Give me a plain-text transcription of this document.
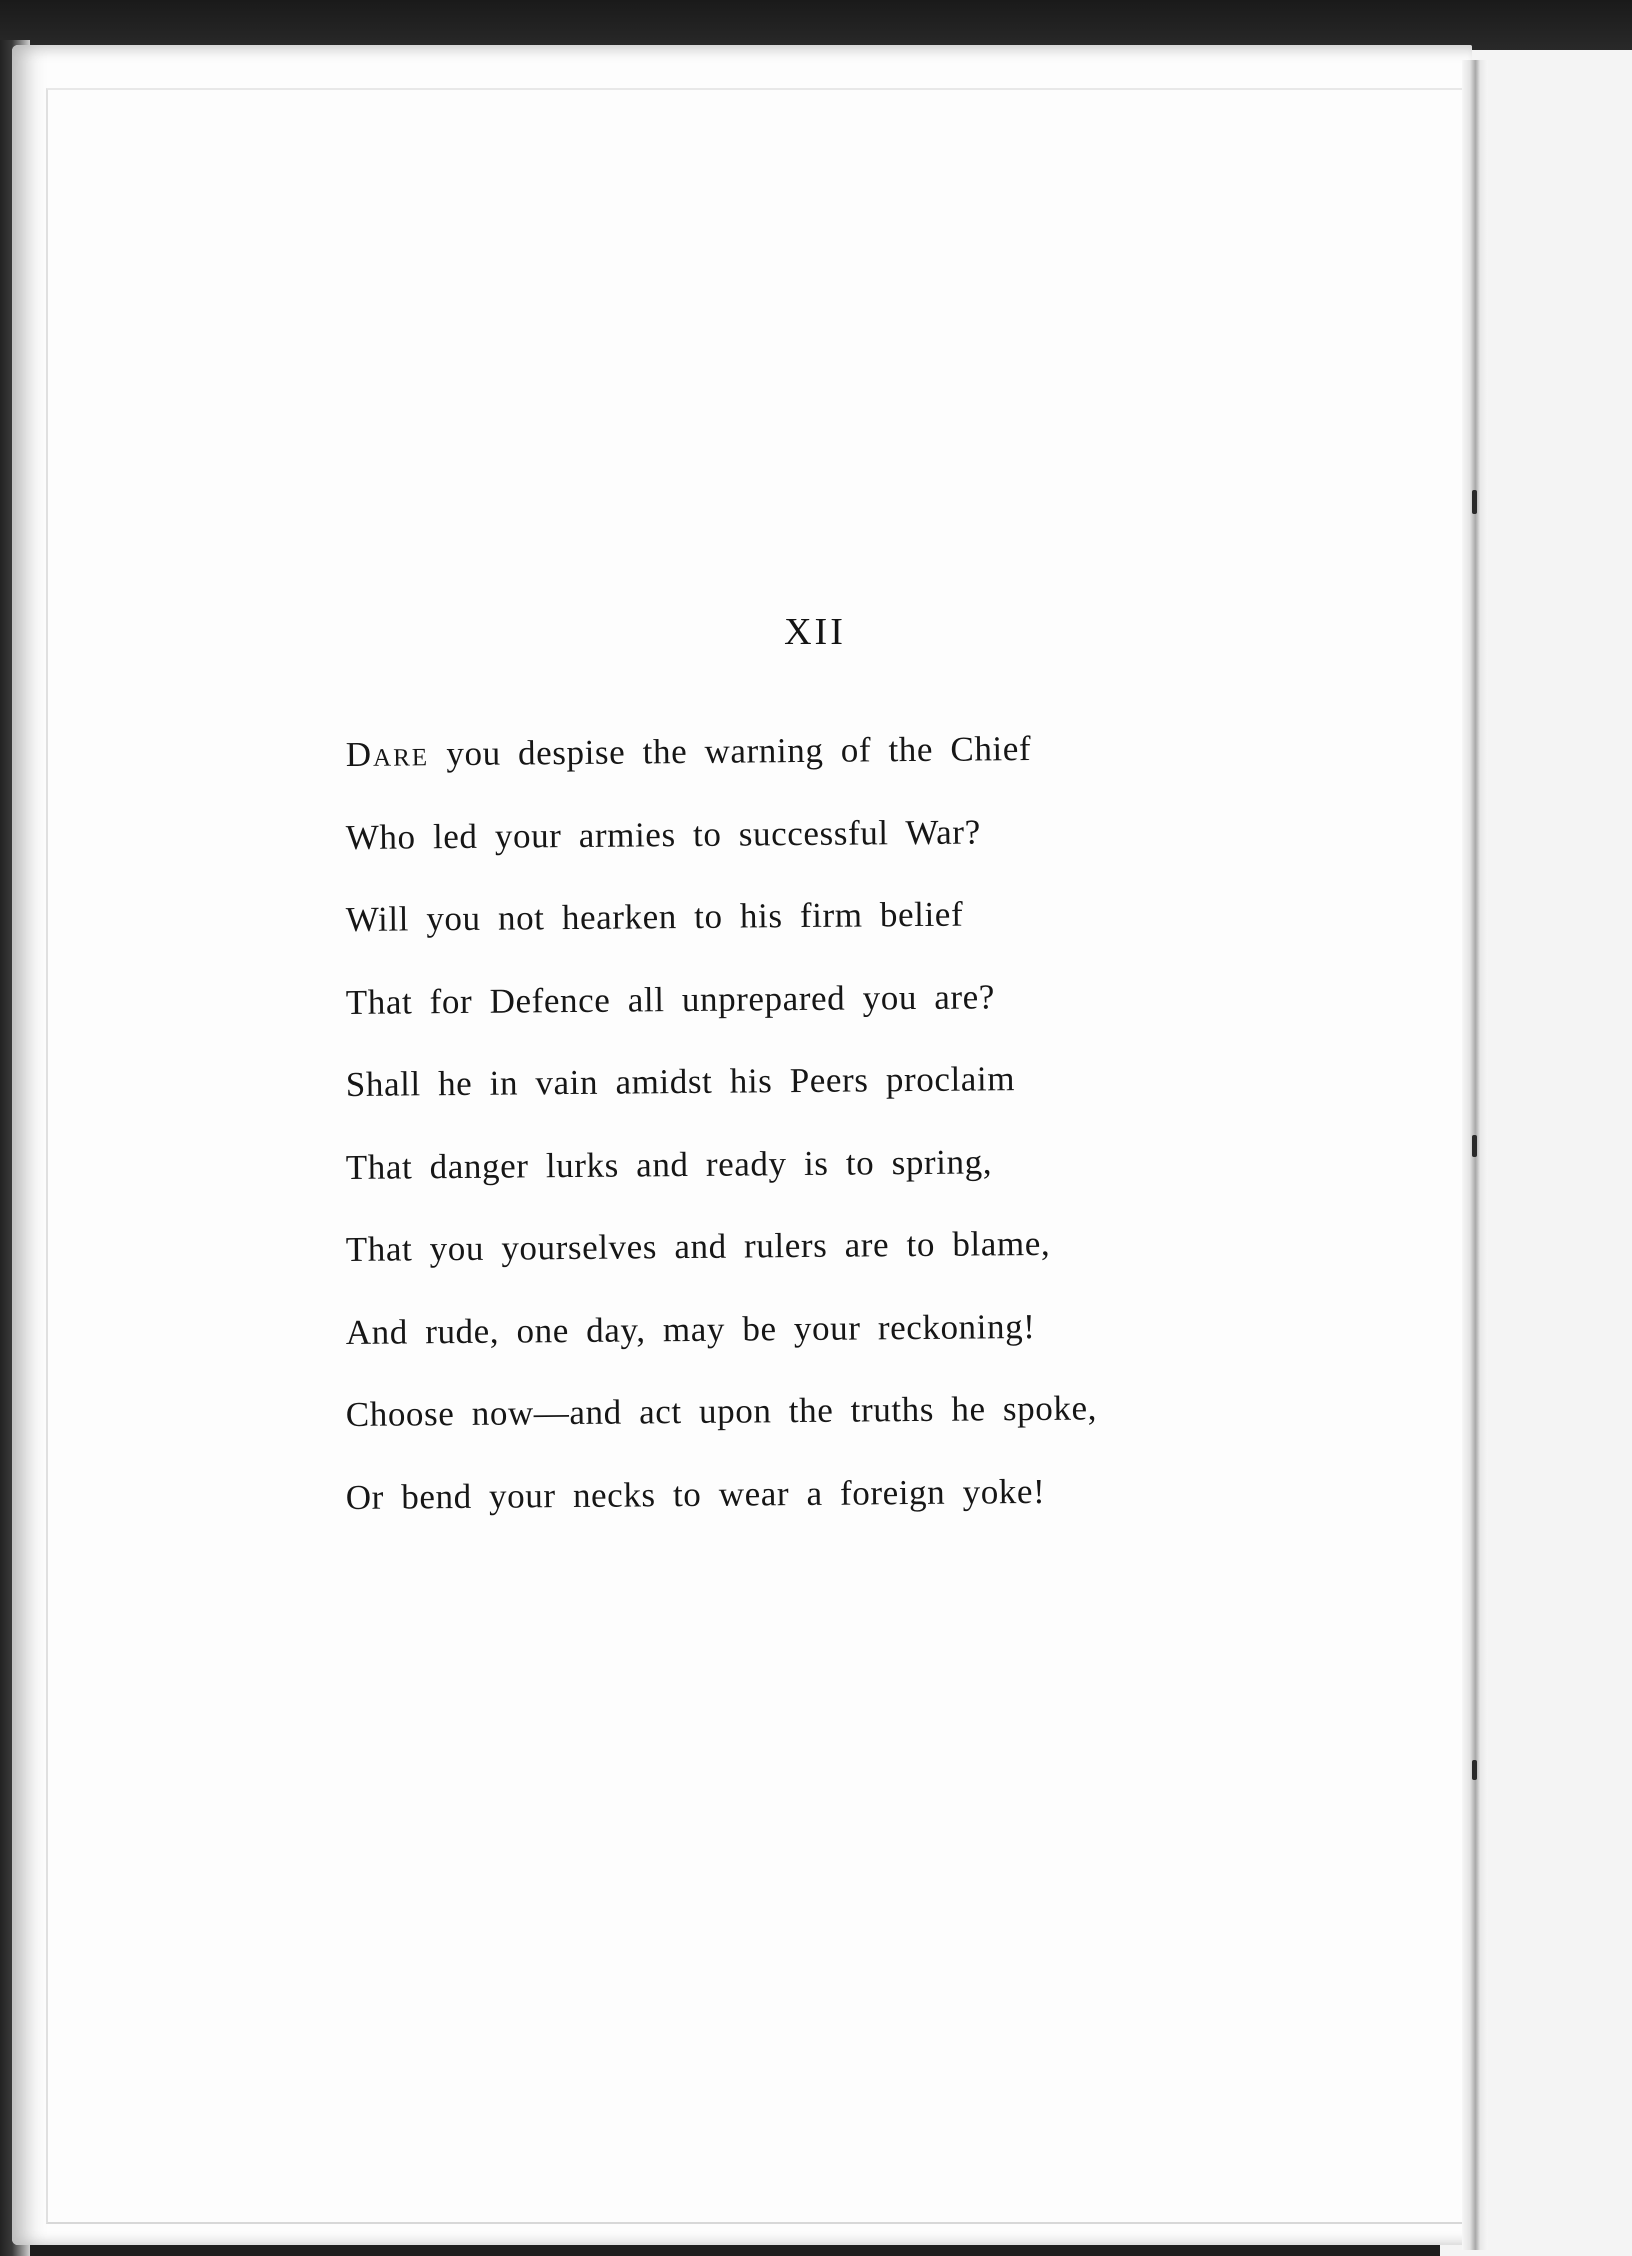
XII
Dare you despise the warning of the Chief
Who led your armies to successful War?
Will you not hearken to his firm belief
That for Defence all unprepared you are?
Shall he in vain amidst his Peers proclaim
That danger lurks and ready is to spring,
That you yourselves and rulers are to blame,
And rude, one day, may be your reckoning!
Choose now—and act upon the truths he spoke,
Or bend your necks to wear a foreign yoke!
